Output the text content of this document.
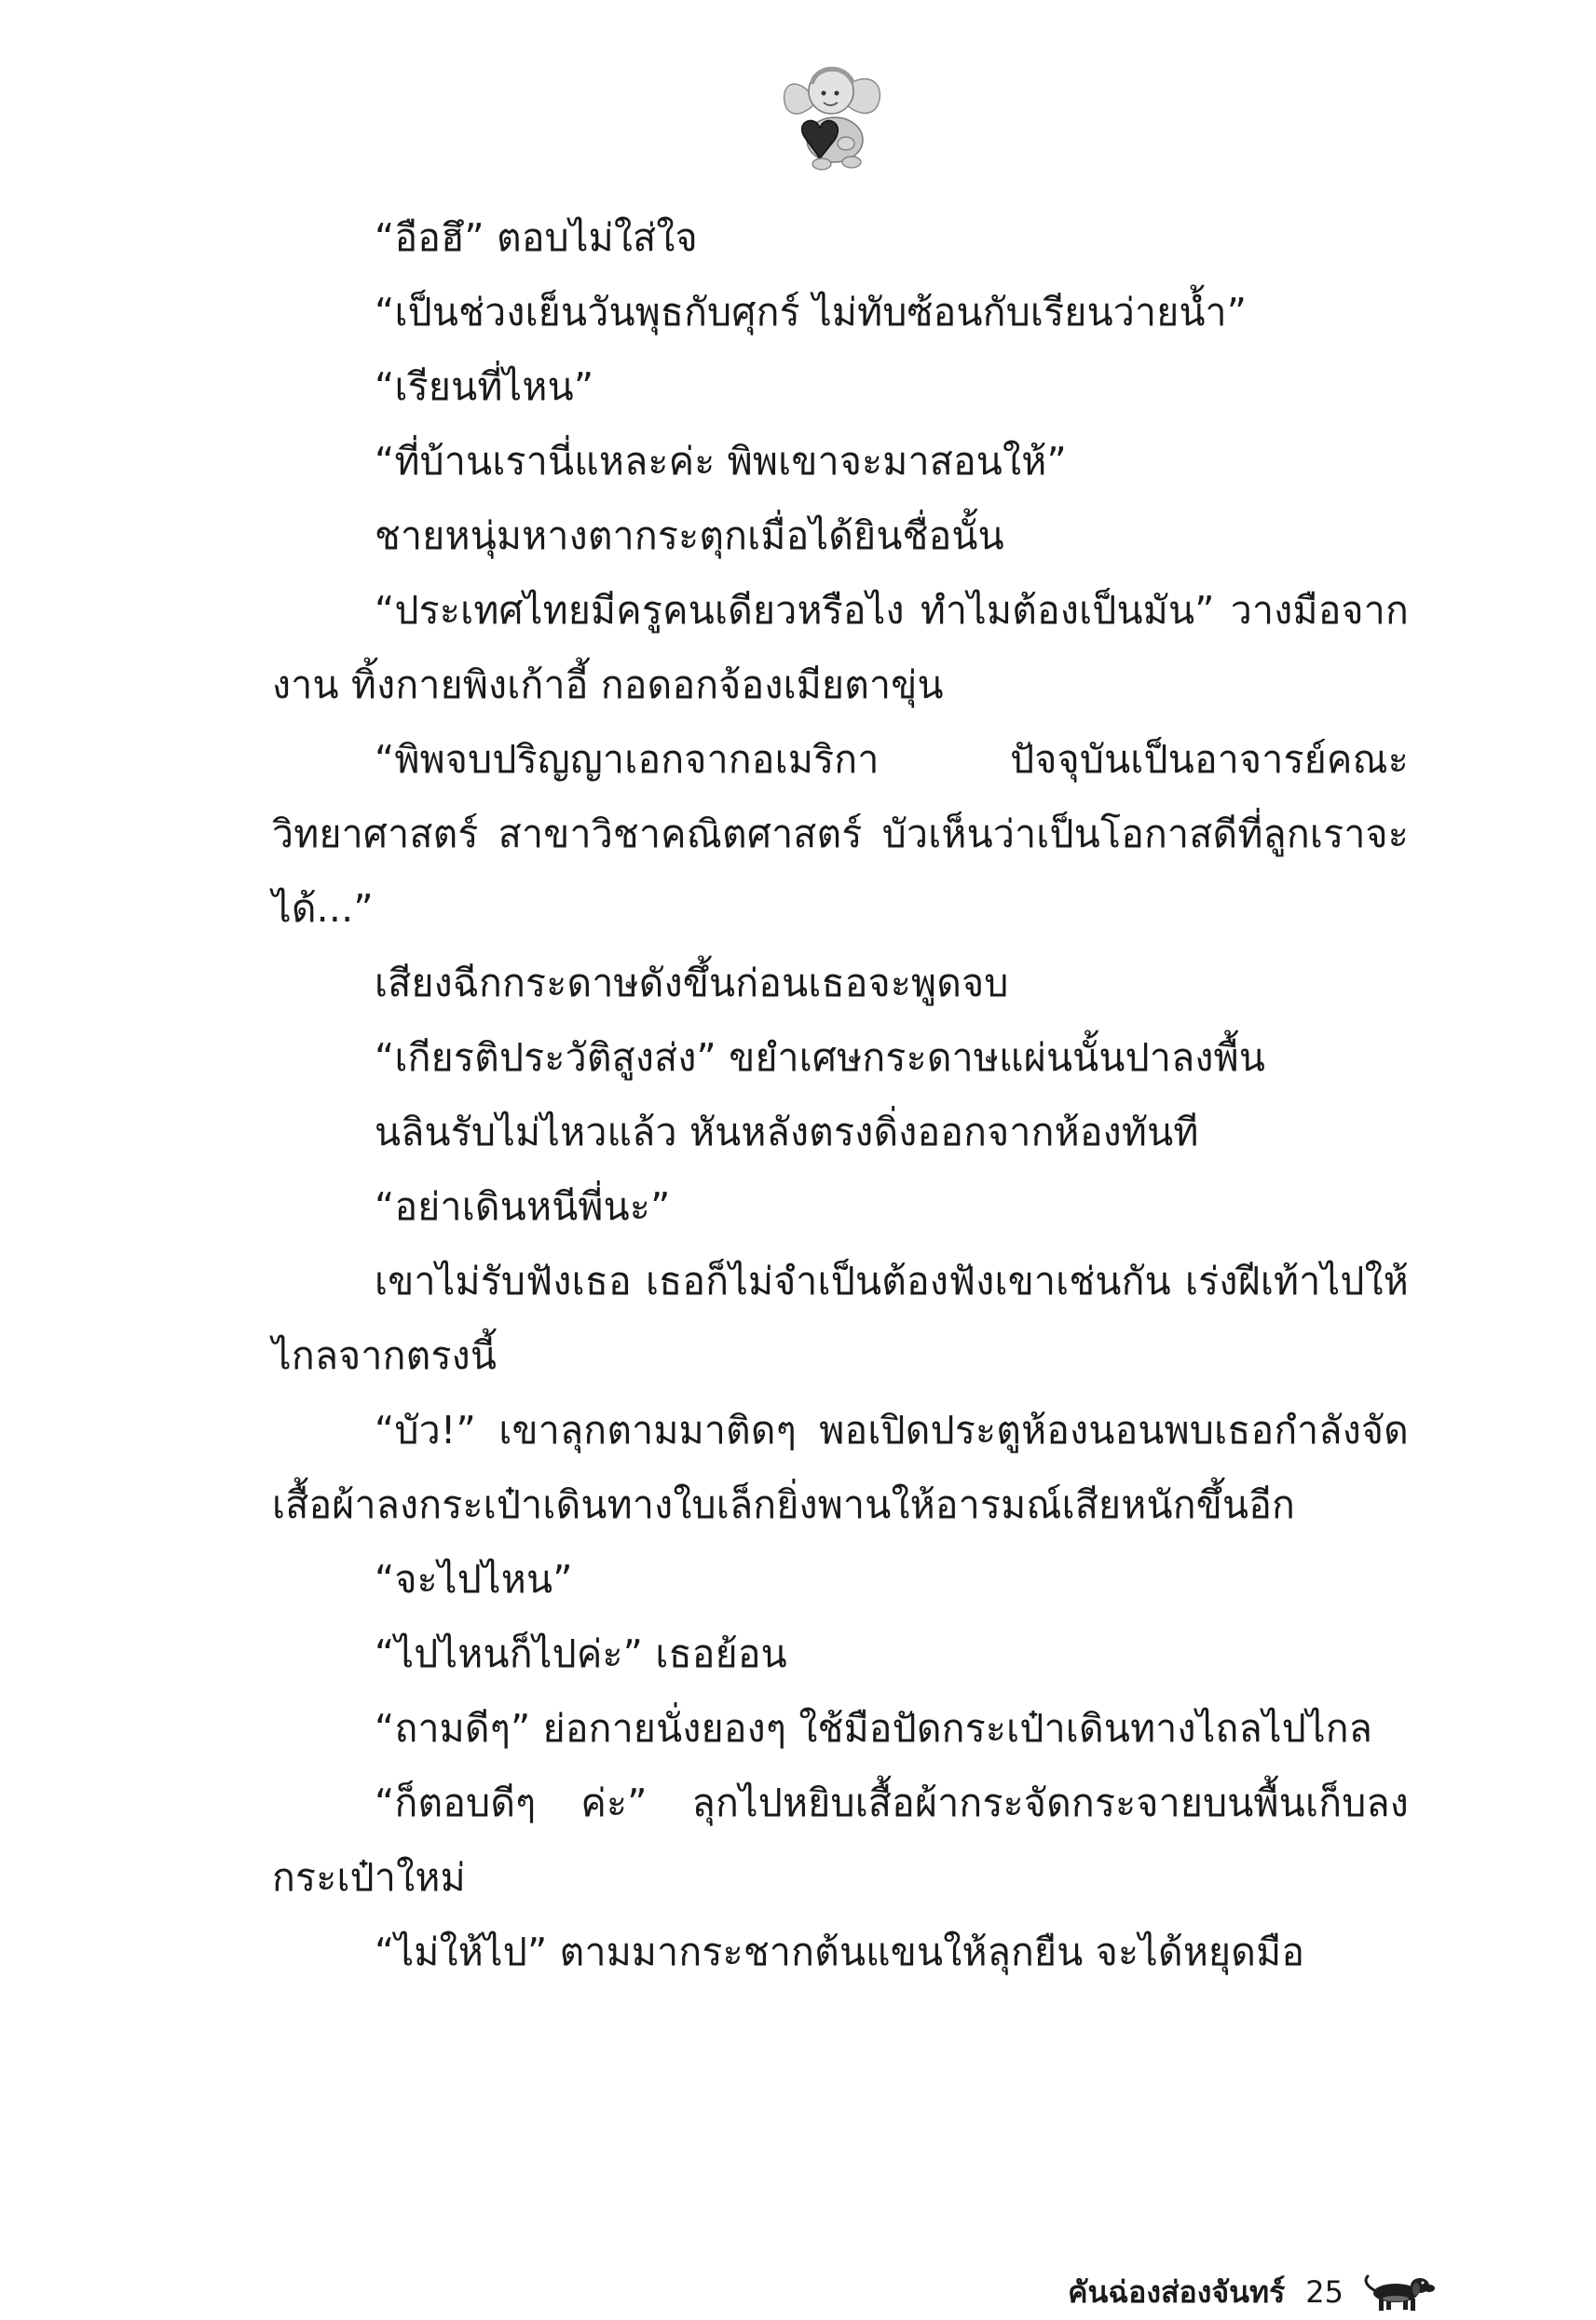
“อือฮึ” ตอบไม่ใส่ใจ

“เป็นช่วงเย็นวันพุธกับศุกร์ ไม่ทับซ้อนกับเรียนว่ายน้ำ”

“เรียนที่ไหน”

“ที่บ้านเรานี่แหละค่ะ พิพเขาจะมาสอนให้”

ชายหนุ่มหางตากระตุกเมื่อได้ยินชื่อนั้น

“ประเทศไทยมีครูคนเดียวหรือไง ทำไมต้องเป็นมัน” วางมือจากงาน ทิ้งกายพิงเก้าอี้ กอดอกจ้องเมียตาขุ่น

“พิพจบปริญญาเอกจากอเมริกา ปัจจุบันเป็นอาจารย์คณะวิทยาศาสตร์ สาขาวิชาคณิตศาสตร์ บัวเห็นว่าเป็นโอกาสดีที่ลูกเราจะได้...”

เสียงฉีกกระดาษดังขึ้นก่อนเธอจะพูดจบ

“เกียรติประวัติสูงส่ง” ขยำเศษกระดาษแผ่นนั้นปาลงพื้น

นลินรับไม่ไหวแล้ว หันหลังตรงดิ่งออกจากห้องทันที

“อย่าเดินหนีพี่นะ”

เขาไม่รับฟังเธอ เธอก็ไม่จำเป็นต้องฟังเขาเช่นกัน เร่งฝีเท้าไปให้ไกลจากตรงนี้

“บัว!” เขาลุกตามมาติดๆ พอเปิดประตูห้องนอนพบเธอกำลังจัดเสื้อผ้าลงกระเป๋าเดินทางใบเล็กยิ่งพานให้อารมณ์เสียหนักขึ้นอีก

“จะไปไหน”

“ไปไหนก็ไปค่ะ” เธอย้อน

“ถามดีๆ” ย่อกายนั่งยองๆ ใช้มือปัดกระเป๋าเดินทางไถลไปไกล

“ก็ตอบดีๆ ค่ะ” ลุกไปหยิบเสื้อผ้ากระจัดกระจายบนพื้นเก็บลงกระเป๋าใหม่

“ไม่ให้ไป” ตามมากระชากต้นแขนให้ลุกยืน จะได้หยุดมือ

คันฉ่องส่องจันทร์ 25
